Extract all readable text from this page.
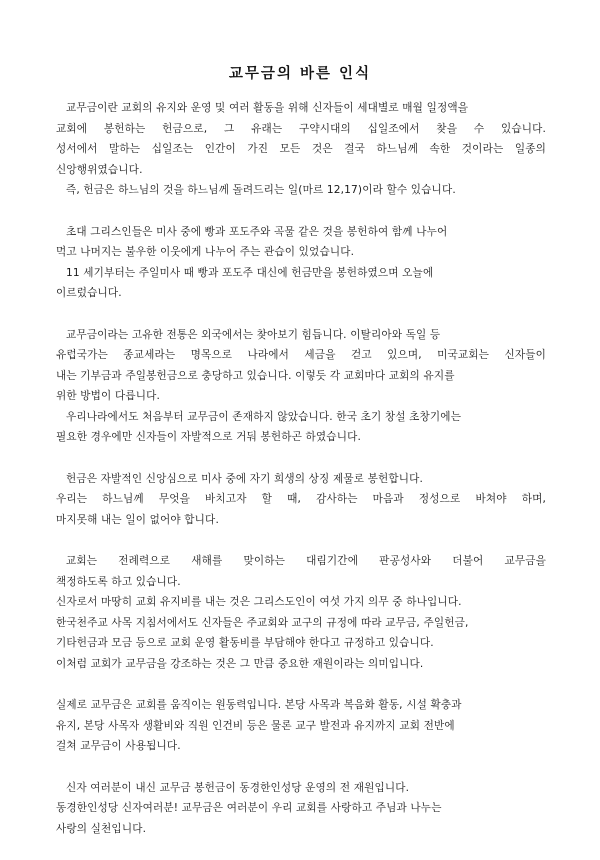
교무금의 바른 인식
교무금이란 교회의 유지와 운영 및 여러 활동을 위해 신자들이 세대별로 매월 일정액을
교회에 봉헌하는 헌금으로, 그 유래는 구약시대의 십일조에서 찾을 수 있습니다.
성서에서 말하는 십일조는 인간이 가진 모든 것은 결국 하느님께 속한 것이라는 일종의
신앙행위였습니다.
즉, 헌금은 하느님의 것을 하느님께 돌려드리는 일(마르 12,17)이라 할수 있습니다.
초대 그리스인들은 미사 중에 빵과 포도주와 곡물 같은 것을 봉헌하여 함께 나누어
먹고 나머지는 불우한 이웃에게 나누어 주는 관습이 있었습니다.
11 세기부터는 주일미사 때 빵과 포도주 대신에 헌금만을 봉헌하였으며 오늘에
이르렀습니다.
교무금이라는 고유한 전통은 외국에서는 찾아보기 힘듭니다. 이탈리아와 독일 등
유럽국가는 종교세라는 명목으로 나라에서 세금을 걷고 있으며, 미국교회는 신자들이
내는 기부금과 주일봉헌금으로 충당하고 있습니다. 이렇듯 각 교회마다 교회의 유지를
위한 방법이 다릅니다.
우리나라에서도 처음부터 교무금이 존재하지 않았습니다. 한국 초기 창설 초창기에는
필요한 경우에만 신자들이 자발적으로 거둬 봉헌하곤 하였습니다.
헌금은 자발적인 신앙심으로 미사 중에 자기 희생의 상징 제물로 봉헌합니다.
우리는 하느님께 무엇을 바치고자 할 때, 감사하는 마음과 정성으로 바쳐야 하며,
마지못해 내는 일이 없어야 합니다.
교회는 전례력으로 새해를 맞이하는 대림기간에 판공성사와 더불어 교무금을
책정하도록 하고 있습니다.
신자로서 마땅히 교회 유지비를 내는 것은 그리스도인이 여섯 가지 의무 중 하나입니다.
한국천주교 사목 지침서에서도 신자들은 주교회와 교구의 규정에 따라 교무금, 주일헌금,
기타헌금과 모금 등으로 교회 운영 활동비를 부담해야 한다고 규정하고 있습니다.
이처럼 교회가 교무금을 강조하는 것은 그 만큼 중요한 재원이라는 의미입니다.
실제로 교무금은 교회를 움직이는 원동력입니다. 본당 사목과 복음화 활동, 시설 확충과
유지, 본당 사목자 생활비와 직원 인건비 등은 물론 교구 발전과 유지까지 교회 전반에
걸쳐 교무금이 사용됩니다.
신자 여러분이 내신 교무금 봉헌금이 동경한인성당 운영의 전 재원입니다.
동경한인성당 신자여러분! 교무금은 여러분이 우리 교회를 사랑하고 주님과 나누는
사랑의 실천입니다.
